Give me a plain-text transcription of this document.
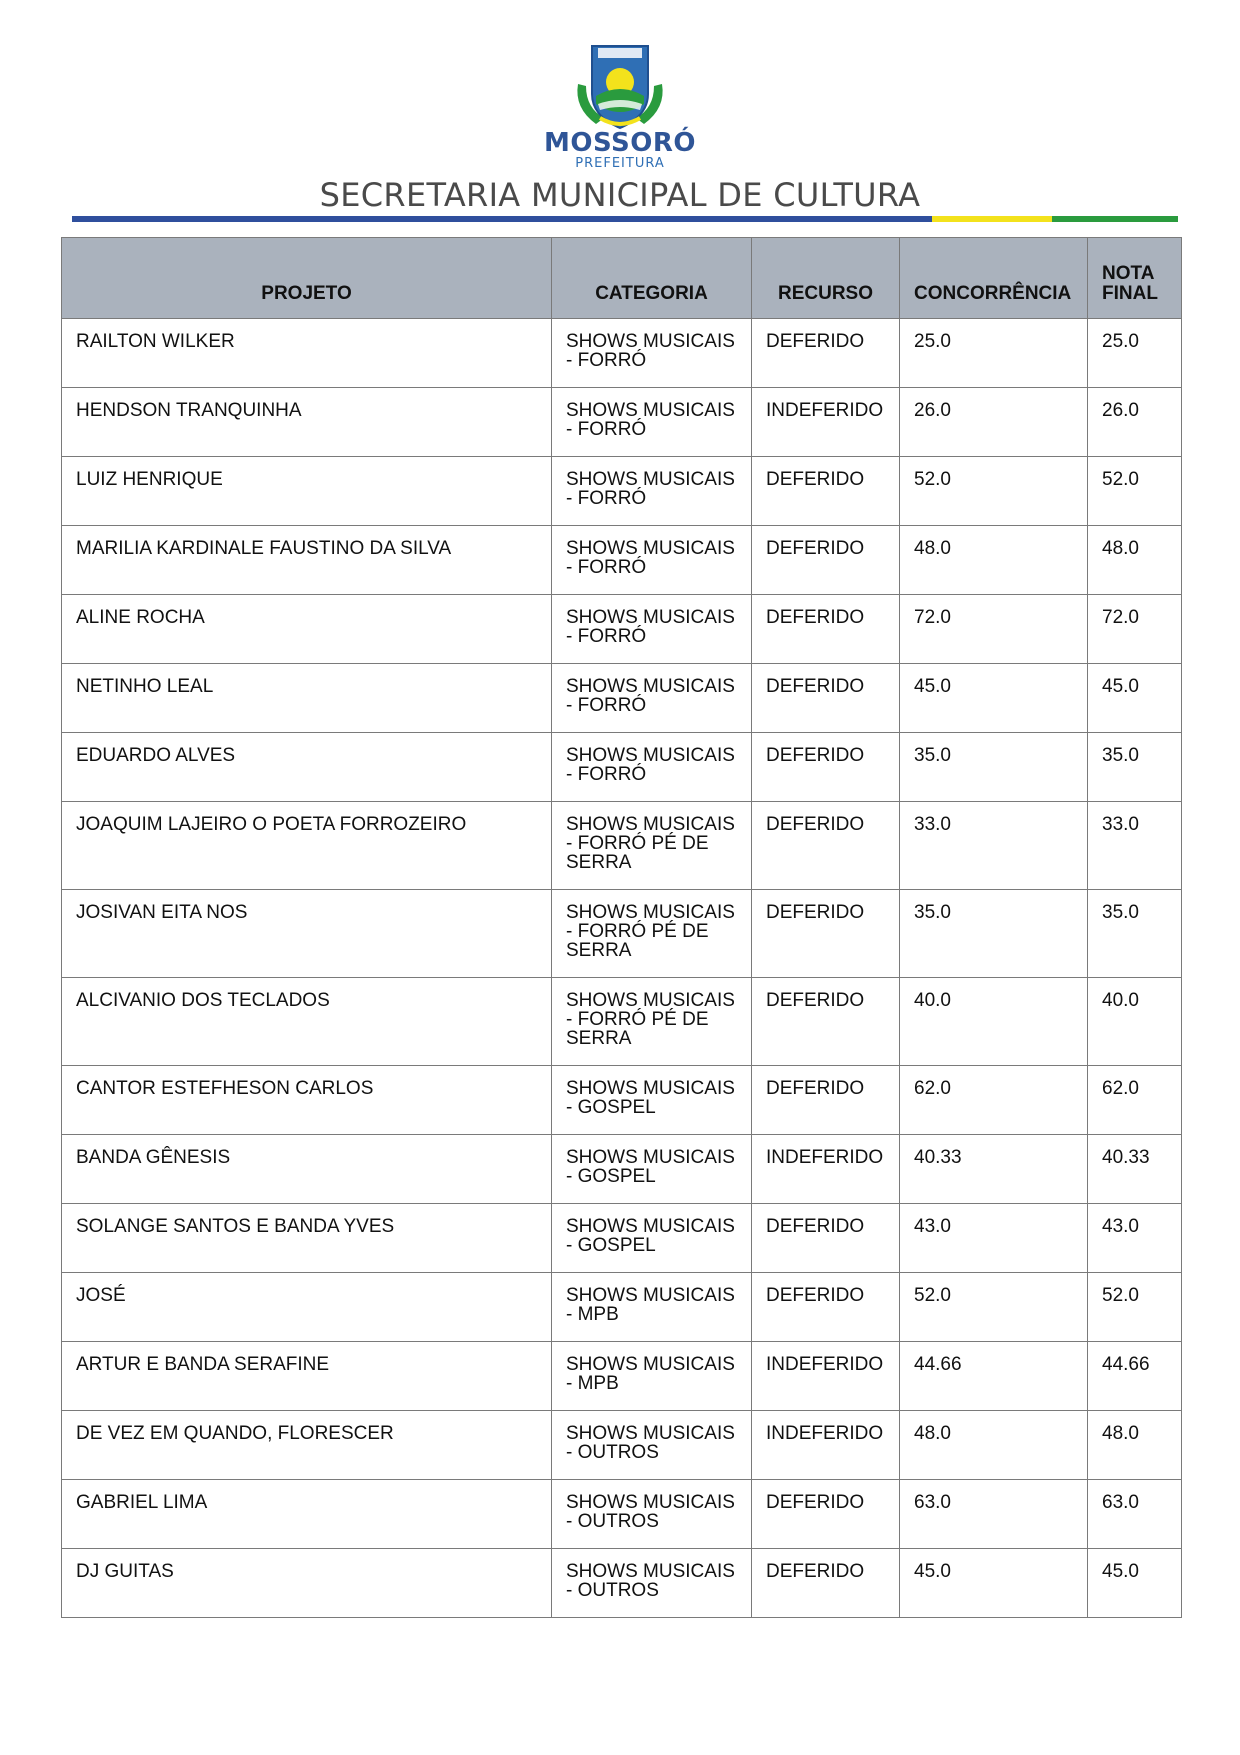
MOSSORÓ
PREFEITURA
SECRETARIA MUNICIPAL DE CULTURA
PROJETO	CATEGORIA	RECURSO	CONCORRÊNCIA	NOTA FINAL
RAILTON WILKER	SHOWS MUSICAIS - FORRÓ	DEFERIDO	25.0	25.0
HENDSON TRANQUINHA	SHOWS MUSICAIS - FORRÓ	INDEFERIDO	26.0	26.0
LUIZ HENRIQUE	SHOWS MUSICAIS - FORRÓ	DEFERIDO	52.0	52.0
MARILIA KARDINALE FAUSTINO DA SILVA	SHOWS MUSICAIS - FORRÓ	DEFERIDO	48.0	48.0
ALINE ROCHA	SHOWS MUSICAIS - FORRÓ	DEFERIDO	72.0	72.0
NETINHO LEAL	SHOWS MUSICAIS - FORRÓ	DEFERIDO	45.0	45.0
EDUARDO ALVES	SHOWS MUSICAIS - FORRÓ	DEFERIDO	35.0	35.0
JOAQUIM LAJEIRO O POETA FORROZEIRO	SHOWS MUSICAIS - FORRÓ PÉ DE SERRA	DEFERIDO	33.0	33.0
JOSIVAN EITA NOS	SHOWS MUSICAIS - FORRÓ PÉ DE SERRA	DEFERIDO	35.0	35.0
ALCIVANIO DOS TECLADOS	SHOWS MUSICAIS - FORRÓ PÉ DE SERRA	DEFERIDO	40.0	40.0
CANTOR ESTEFHESON CARLOS	SHOWS MUSICAIS - GOSPEL	DEFERIDO	62.0	62.0
BANDA GÊNESIS	SHOWS MUSICAIS - GOSPEL	INDEFERIDO	40.33	40.33
SOLANGE SANTOS E BANDA YVES	SHOWS MUSICAIS - GOSPEL	DEFERIDO	43.0	43.0
JOSÉ	SHOWS MUSICAIS - MPB	DEFERIDO	52.0	52.0
ARTUR E BANDA SERAFINE	SHOWS MUSICAIS - MPB	INDEFERIDO	44.66	44.66
DE VEZ EM QUANDO, FLORESCER	SHOWS MUSICAIS - OUTROS	INDEFERIDO	48.0	48.0
GABRIEL LIMA	SHOWS MUSICAIS - OUTROS	DEFERIDO	63.0	63.0
DJ GUITAS	SHOWS MUSICAIS - OUTROS	DEFERIDO	45.0	45.0
